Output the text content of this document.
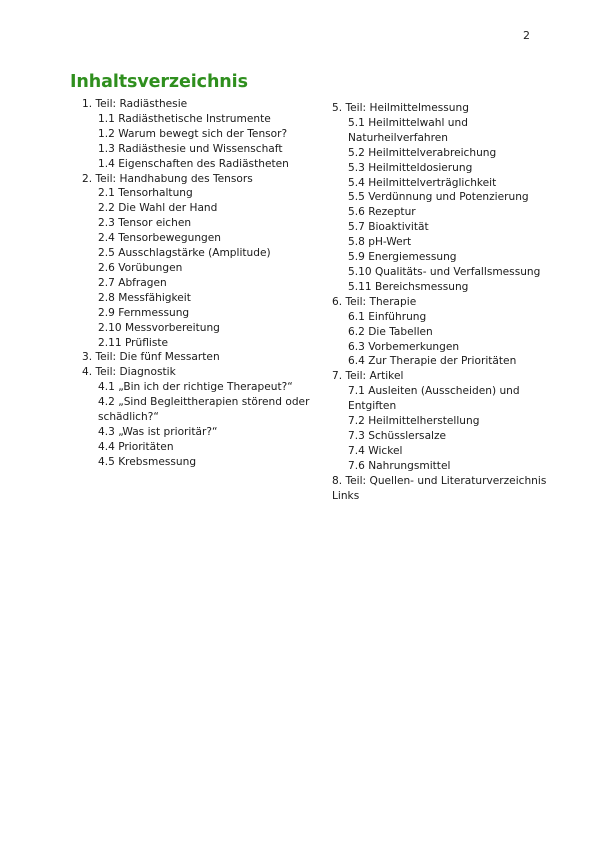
2
Inhaltsverzeichnis
1. Teil: Radiästhesie
1.1 Radiästhetische Instrumente
1.2 Warum bewegt sich der Tensor?
1.3 Radiästhesie und Wissenschaft
1.4 Eigenschaften des Radiästheten
2. Teil: Handhabung des Tensors
2.1 Tensorhaltung
2.2 Die Wahl der Hand
2.3 Tensor eichen
2.4 Tensorbewegungen
2.5 Ausschlagstärke (Amplitude)
2.6 Vorübungen
2.7 Abfragen
2.8 Messfähigkeit
2.9 Fernmessung
2.10 Messvorbereitung
2.11 Prüfliste
3. Teil: Die fünf Messarten
4. Teil: Diagnostik
4.1 „Bin ich der richtige Therapeut?“
4.2 „Sind Begleittherapien störend oder schädlich?“
4.3 „Was ist prioritär?“
4.4 Prioritäten
4.5 Krebsmessung
5. Teil: Heilmittelmessung
5.1 Heilmittelwahl und Naturheilverfahren
5.2 Heilmittelverabreichung
5.3 Heilmitteldosierung
5.4 Heilmittelverträglichkeit
5.5 Verdünnung und Potenzierung
5.6 Rezeptur
5.7 Bioaktivität
5.8 pH-Wert
5.9 Energiemessung
5.10 Qualitäts- und Verfallsmessung
5.11 Bereichsmessung
6. Teil: Therapie
6.1 Einführung
6.2 Die Tabellen
6.3 Vorbemerkungen
6.4 Zur Therapie der Prioritäten
7. Teil: Artikel
7.1 Ausleiten (Ausscheiden) und Entgiften
7.2 Heilmittelherstellung
7.3 Schüsslersalze
7.4 Wickel
7.6 Nahrungsmittel
8. Teil: Quellen- und Literaturverzeichnis Links
